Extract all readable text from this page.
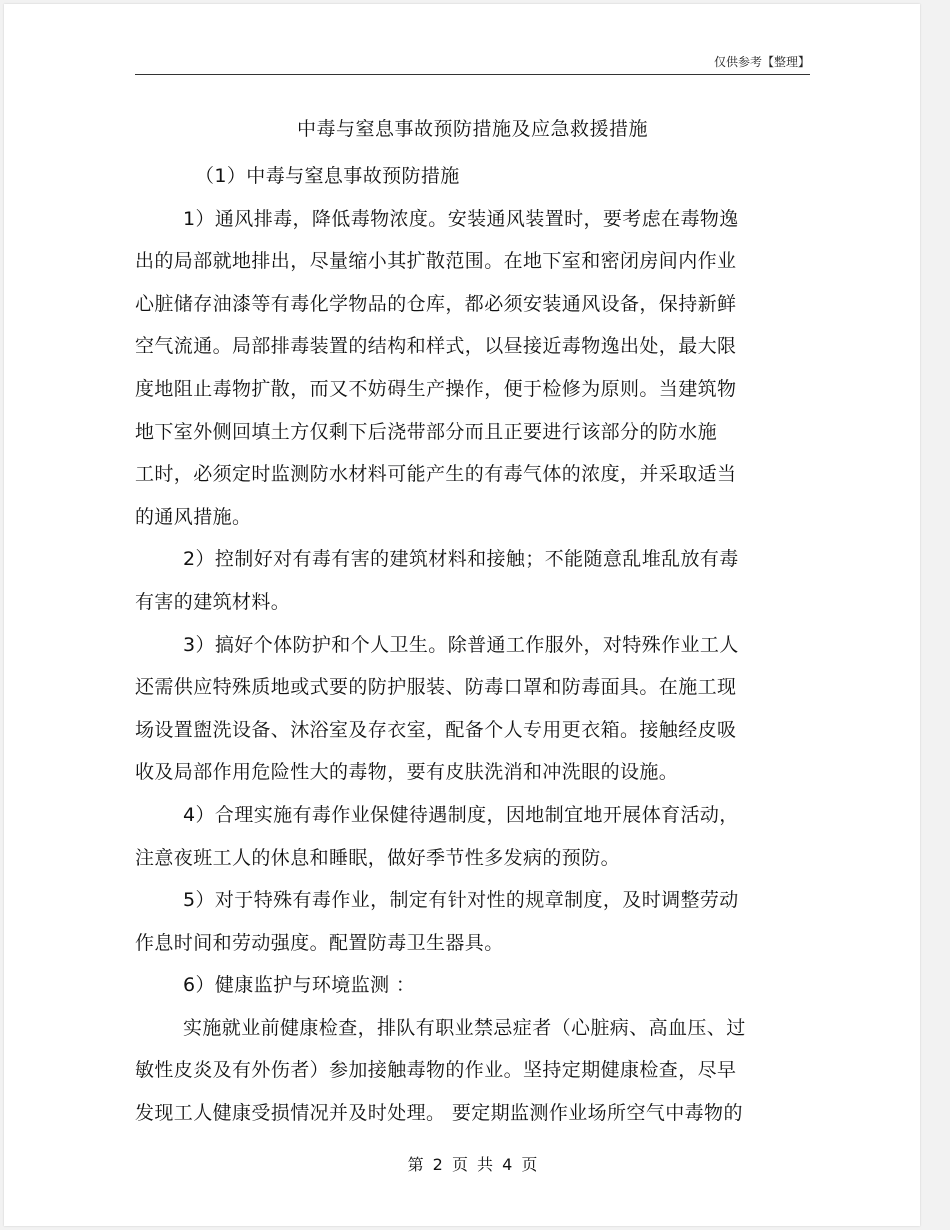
仅供参考【整理】
中毒与窒息事故预防措施及应急救援措施
（1）中毒与窒息事故预防措施
1）通风排毒，降低毒物浓度。安装通风装置时，要考虑在毒物逸
出的局部就地排出，尽量缩小其扩散范围。在地下室和密闭房间内作业
心脏储存油漆等有毒化学物品的仓库，都必须安装通风设备，保持新鲜
空气流通。局部排毒装置的结构和样式，以昼接近毒物逸出处，最大限
度地阻止毒物扩散，而又不妨碍生产操作，便于检修为原则。当建筑物
地下室外侧回填土方仅剩下后浇带部分而且正要进行该部分的防水施
工时，必须定时监测防水材料可能产生的有毒气体的浓度，并采取适当
的通风措施。
2）控制好对有毒有害的建筑材料和接触；不能随意乱堆乱放有毒
有害的建筑材料。
3）搞好个体防护和个人卫生。除普通工作服外，对特殊作业工人
还需供应特殊质地或式要的防护服装、防毒口罩和防毒面具。在施工现
场设置盥洗设备、沐浴室及存衣室，配备个人专用更衣箱。接触经皮吸
收及局部作用危险性大的毒物，要有皮肤洗消和冲洗眼的设施。
4）合理实施有毒作业保健待遇制度，因地制宜地开展体育活动，
注意夜班工人的休息和睡眠，做好季节性多发病的预防。
5）对于特殊有毒作业，制定有针对性的规章制度，及时调整劳动
作息时间和劳动强度。配置防毒卫生器具。
6）健康监护与环境监测 ：
实施就业前健康检查，排队有职业禁忌症者（心脏病、高血压、过
敏性皮炎及有外伤者）参加接触毒物的作业。坚持定期健康检查，尽早
发现工人健康受损情况并及时处理。 要定期监测作业场所空气中毒物的
第 2 页 共 4 页
